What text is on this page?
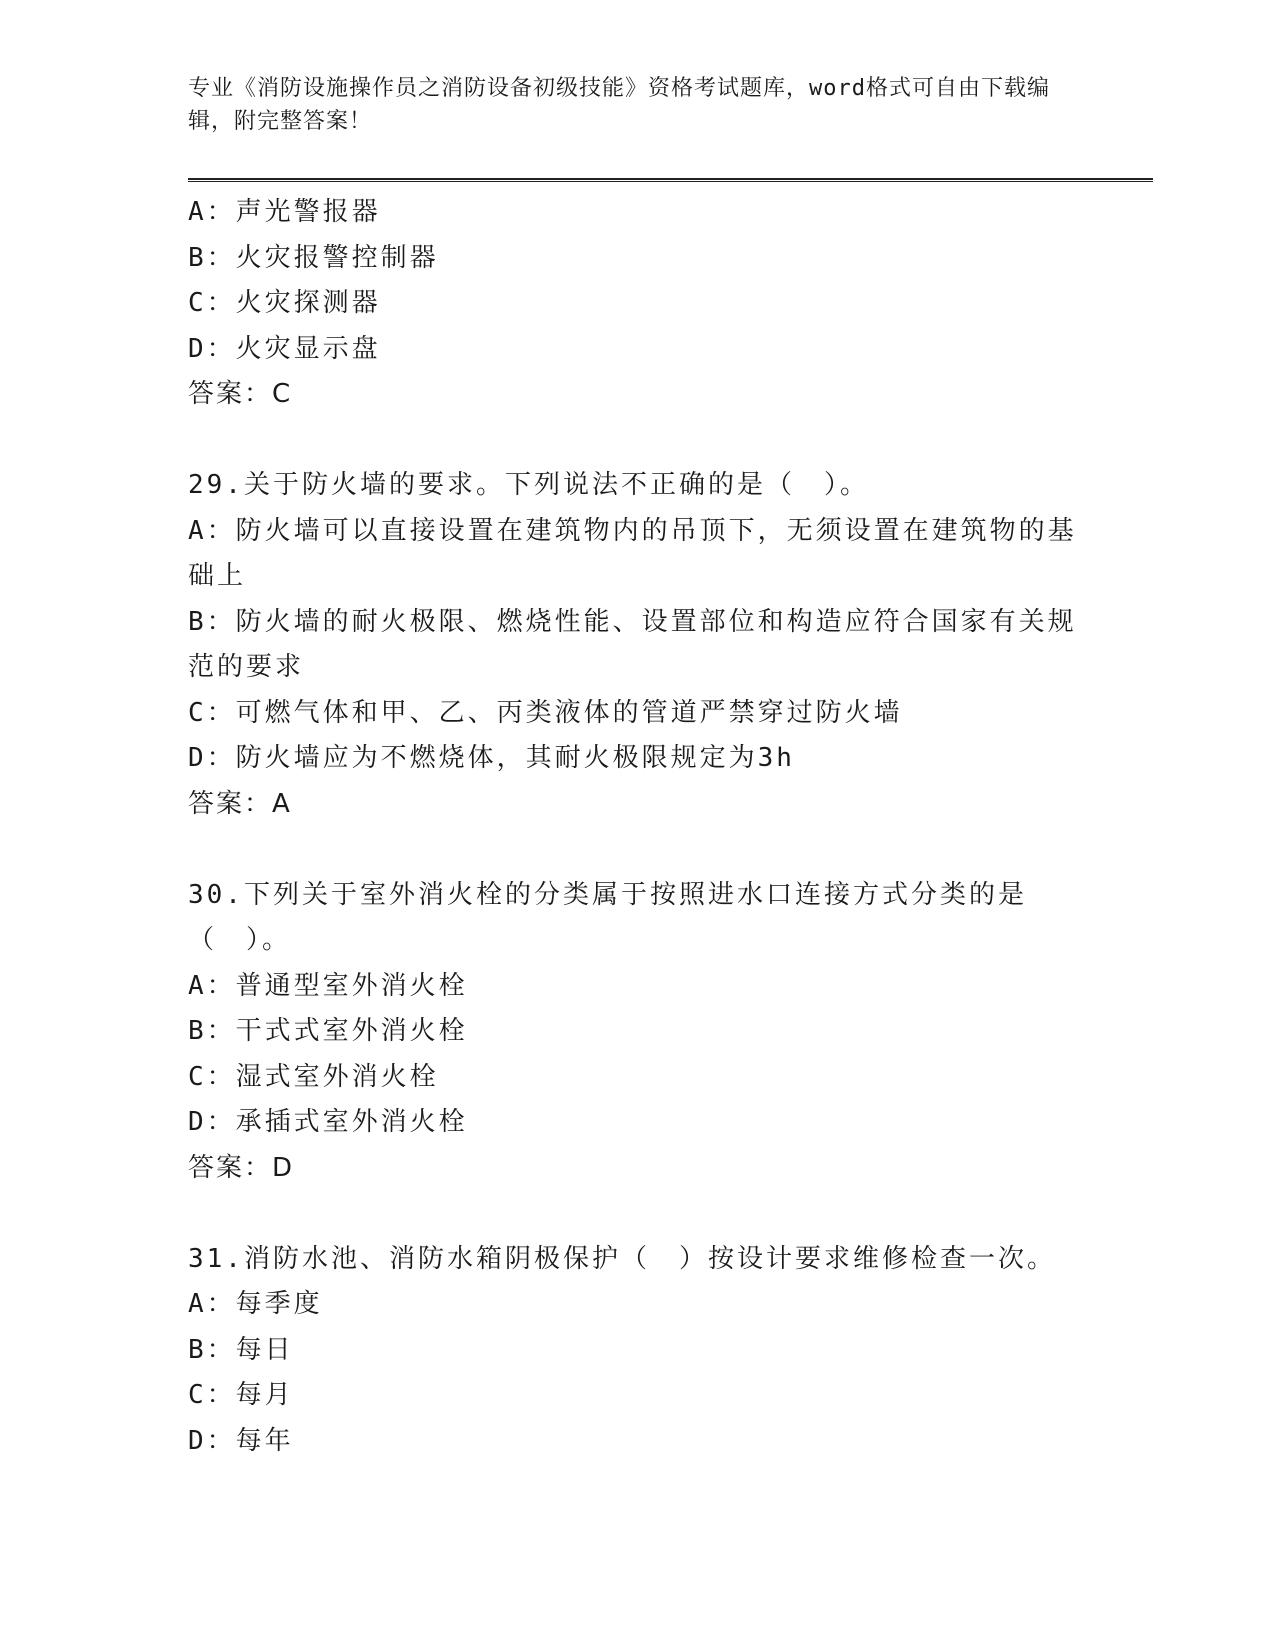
专业《消防设施操作员之消防设备初级技能》资格考试题库，word格式可自由下载编辑，附完整答案！
A：声光警报器
B：火灾报警控制器
C：火灾探测器
D：火灾显示盘
答案：C
29.关于防火墙的要求。下列说法不正确的是（　）。
A：防火墙可以直接设置在建筑物内的吊顶下，无须设置在建筑物的基础上
B：防火墙的耐火极限、燃烧性能、设置部位和构造应符合国家有关规范的要求
C：可燃气体和甲、乙、丙类液体的管道严禁穿过防火墙
D：防火墙应为不燃烧体，其耐火极限规定为3h
答案：A
30.下列关于室外消火栓的分类属于按照进水口连接方式分类的是（　）。
A：普通型室外消火栓
B：干式式室外消火栓
C：湿式室外消火栓
D：承插式室外消火栓
答案：D
31.消防水池、消防水箱阴极保护（　）按设计要求维修检查一次。
A：每季度
B：每日
C：每月
D：每年
